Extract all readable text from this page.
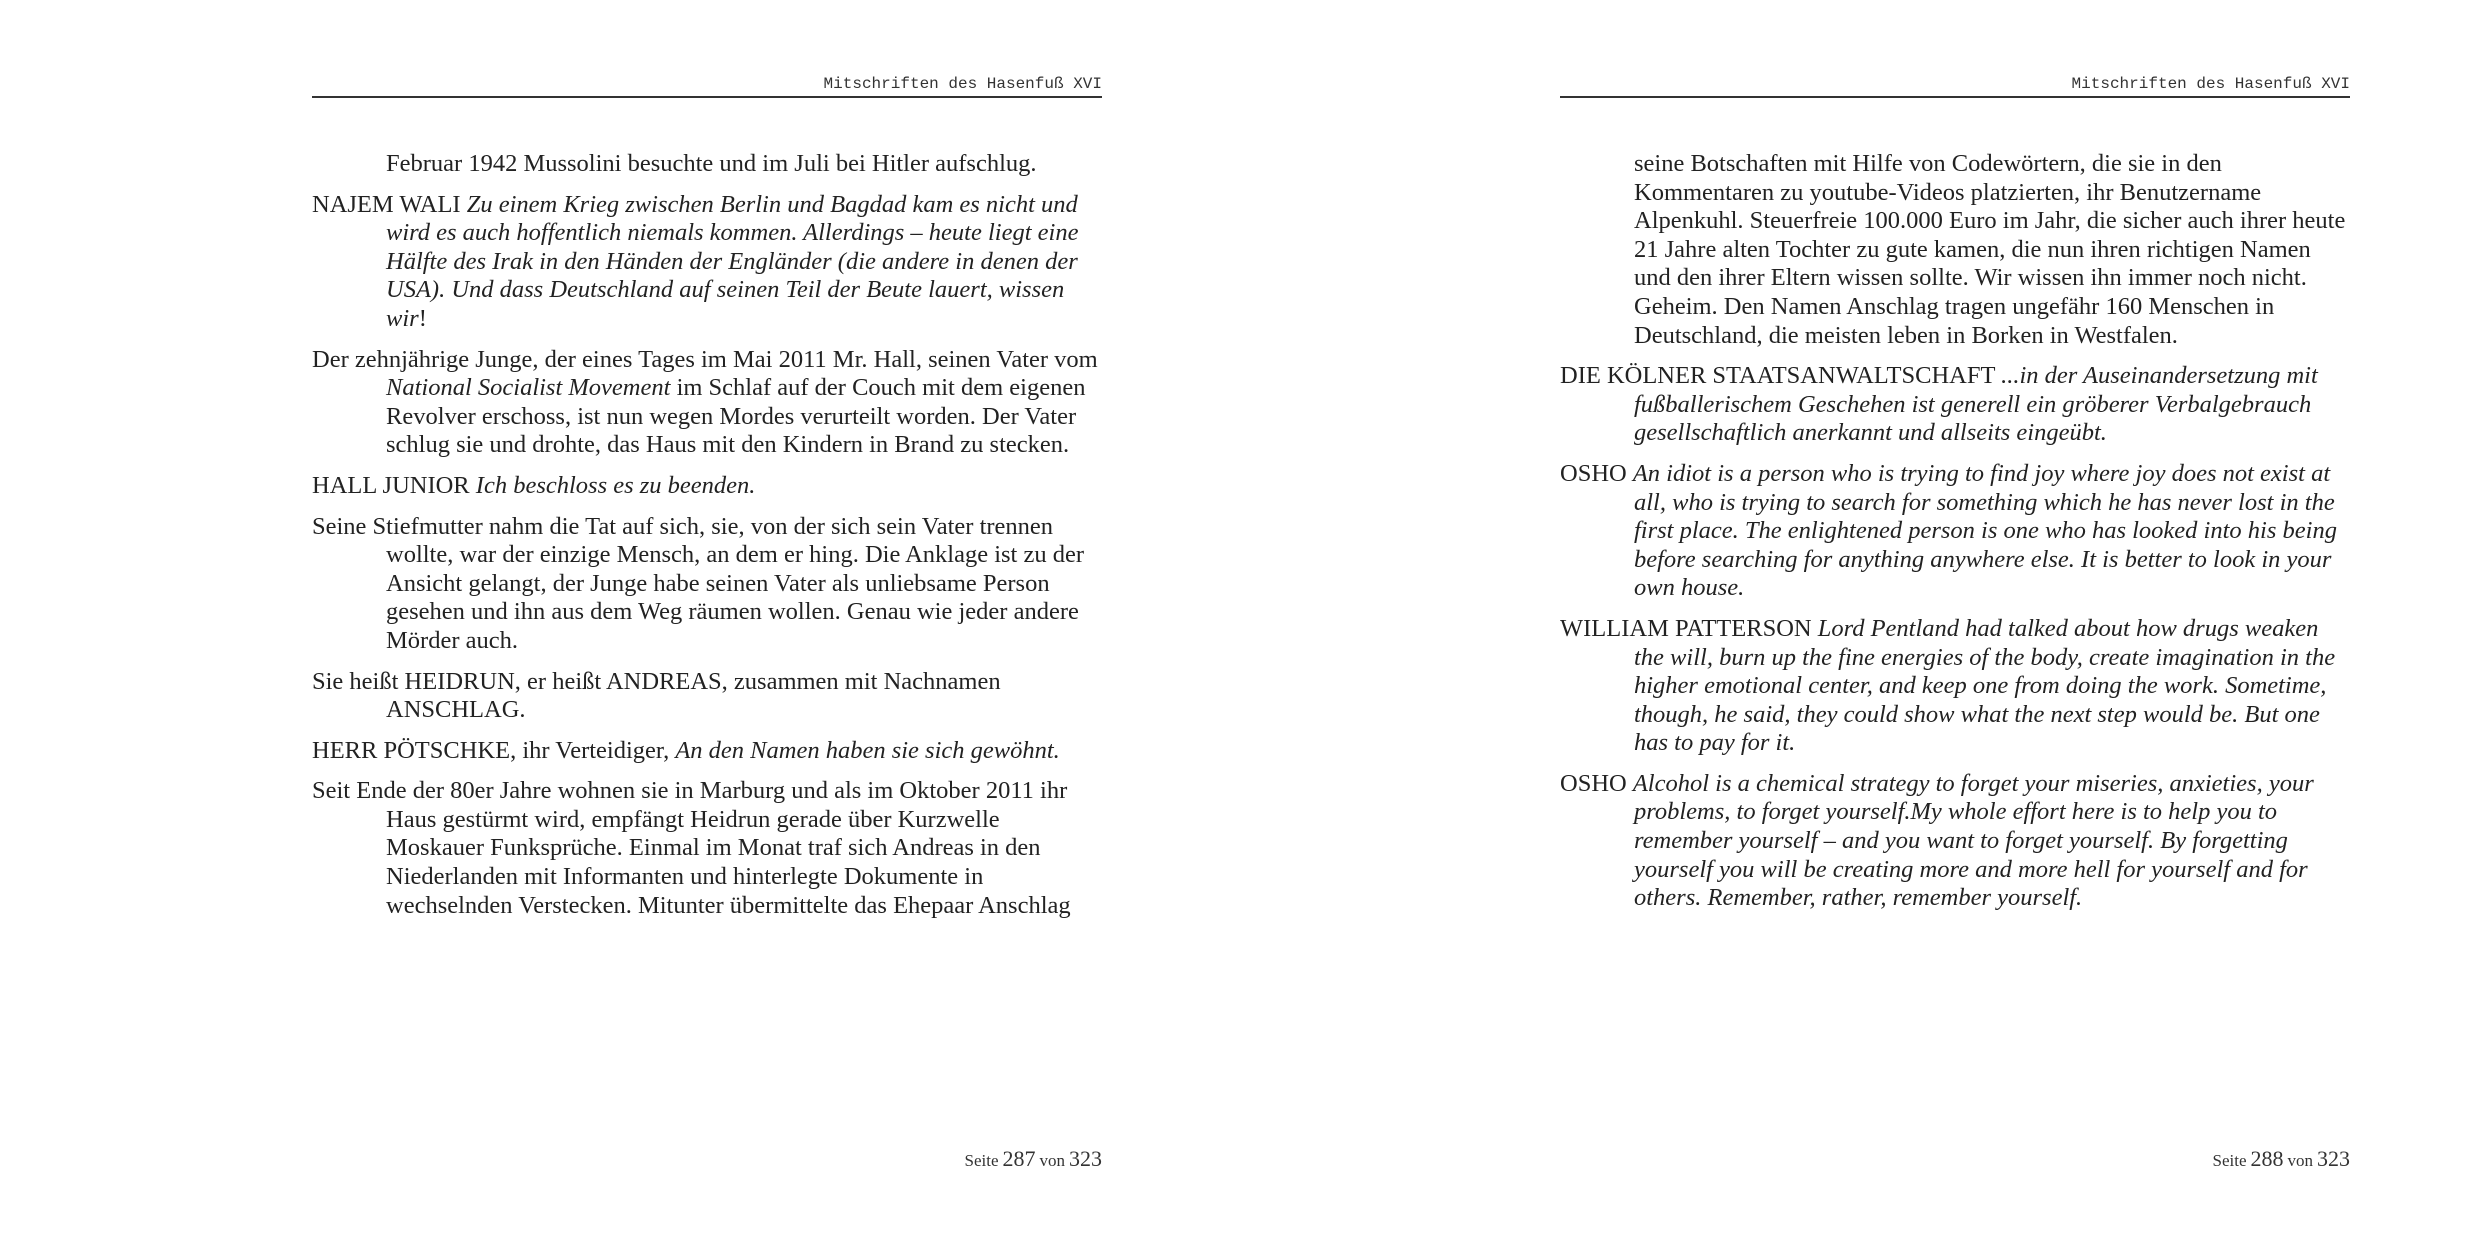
Mitschriften des Hasenfuß XVI

Februar 1942 Mussolini besuchte und im Juli bei Hitler aufschlug.

NAJEM WALI Zu einem Krieg zwischen Berlin und Bagdad kam es nicht und wird es auch hoffentlich niemals kommen. Allerdings – heute liegt eine Hälfte des Irak in den Händen der Engländer (die andere in denen der USA). Und dass Deutschland auf seinen Teil der Beute lauert, wissen wir!

Der zehnjährige Junge, der eines Tages im Mai 2011 Mr. Hall, seinen Vater vom National Socialist Movement im Schlaf auf der Couch mit dem eigenen Revolver erschoss, ist nun wegen Mordes verurteilt worden. Der Vater schlug sie und drohte, das Haus mit den Kindern in Brand zu stecken.

HALL JUNIOR Ich beschloss es zu beenden.

Seine Stiefmutter nahm die Tat auf sich, sie, von der sich sein Vater trennen wollte, war der einzige Mensch, an dem er hing. Die Anklage ist zu der Ansicht gelangt, der Junge habe seinen Vater als unliebsame Person gesehen und ihn aus dem Weg räumen wollen. Genau wie jeder andere Mörder auch.

Sie heißt HEIDRUN, er heißt ANDREAS, zusammen mit Nachnamen ANSCHLAG.

HERR PÖTSCHKE, ihr Verteidiger, An den Namen haben sie sich gewöhnt.

Seit Ende der 80er Jahre wohnen sie in Marburg und als im Oktober 2011 ihr Haus gestürmt wird, empfängt Heidrun gerade über Kurzwelle Moskauer Funksprüche. Einmal im Monat traf sich Andreas in den Niederlanden mit Informanten und hinterlegte Dokumente in wechselnden Verstecken. Mitunter übermittelte das Ehepaar Anschlag

Seite 287 von 323
Mitschriften des Hasenfuß XVI

seine Botschaften mit Hilfe von Codewörtern, die sie in den Kommentaren zu youtube-Videos platzierten, ihr Benutzername Alpenkuhl. Steuerfreie 100.000 Euro im Jahr, die sicher auch ihrer heute 21 Jahre alten Tochter zu gute kamen, die nun ihren richtigen Namen und den ihrer Eltern wissen sollte. Wir wissen ihn immer noch nicht. Geheim. Den Namen Anschlag tragen ungefähr 160 Menschen in Deutschland, die meisten leben in Borken in Westfalen.

DIE KÖLNER STAATSANWALTSCHAFT ...in der Auseinandersetzung mit fußballerischem Geschehen ist generell ein gröberer Verbalgebrauch gesellschaftlich anerkannt und allseits eingeübt.

OSHO An idiot is a person who is trying to find joy where joy does not exist at all, who is trying to search for something which he has never lost in the first place. The enlightened person is one who has looked into his being before searching for anything anywhere else. It is better to look in your own house.

WILLIAM PATTERSON Lord Pentland had talked about how drugs weaken the will, burn up the fine energies of the body, create imagination in the higher emotional center, and keep one from doing the work. Sometime, though, he said, they could show what the next step would be. But one has to pay for it.

OSHO Alcohol is a chemical strategy to forget your miseries, anxieties, your problems, to forget yourself.My whole effort here is to help you to remember yourself – and you want to forget yourself. By forgetting yourself you will be creating more and more hell for yourself and for others. Remember, rather, remember yourself.

Seite 288 von 323
